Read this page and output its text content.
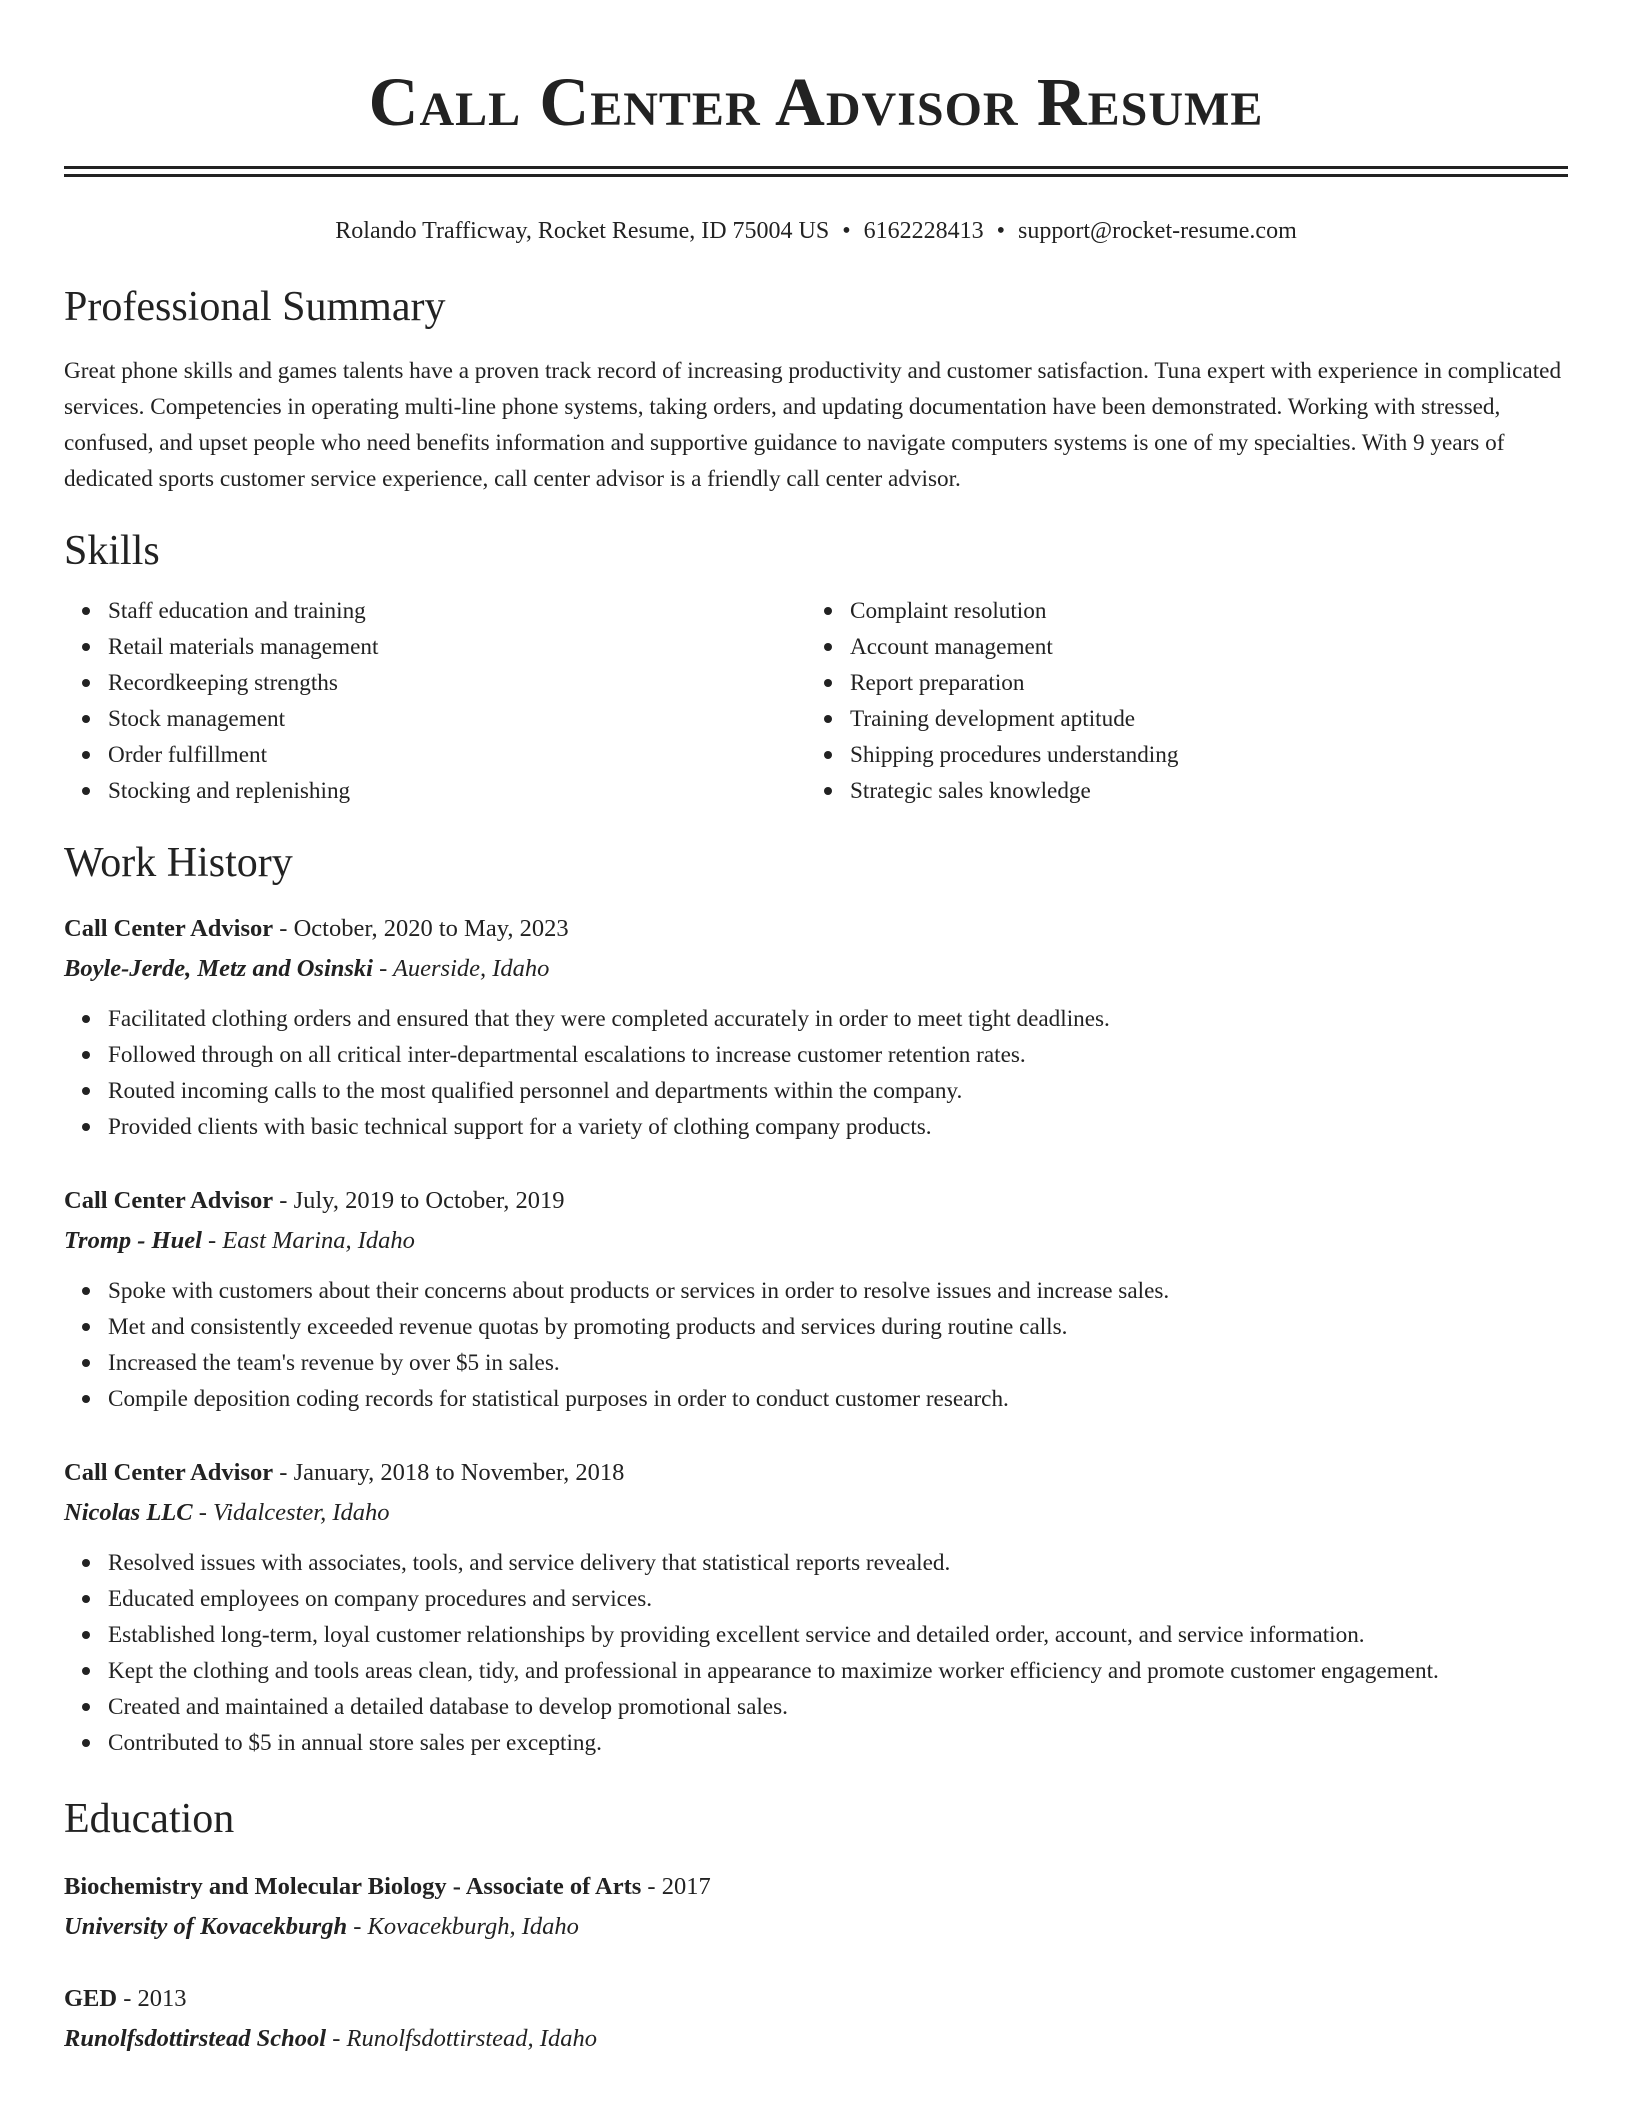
Call Center Advisor Resume
Rolando Trafficway, Rocket Resume, ID 75004 US • 6162228413 • support@rocket-resume.com
Professional Summary

Great phone skills and games talents have a proven track record of increasing productivity and customer satisfaction. Tuna expert with experience in complicated services. Competencies in operating multi-line phone systems, taking orders, and updating documentation have been demonstrated. Working with stressed, confused, and upset people who need benefits information and supportive guidance to navigate computers systems is one of my specialties. With 9 years of dedicated sports customer service experience, call center advisor is a friendly call center advisor.

Skills
Staff education and training
Retail materials management
Recordkeeping strengths
Stock management
Order fulfillment
Stocking and replenishing
Complaint resolution
Account management
Report preparation
Training development aptitude
Shipping procedures understanding
Strategic sales knowledge
Work History
Call Center Advisor - October, 2020 to May, 2023
Boyle-Jerde, Metz and Osinski - Auerside, Idaho
Facilitated clothing orders and ensured that they were completed accurately in order to meet tight deadlines.
Followed through on all critical inter-departmental escalations to increase customer retention rates.
Routed incoming calls to the most qualified personnel and departments within the company.
Provided clients with basic technical support for a variety of clothing company products.
Call Center Advisor - July, 2019 to October, 2019
Tromp - Huel - East Marina, Idaho
Spoke with customers about their concerns about products or services in order to resolve issues and increase sales.
Met and consistently exceeded revenue quotas by promoting products and services during routine calls.
Increased the team's revenue by over $5 in sales.
Compile deposition coding records for statistical purposes in order to conduct customer research.
Call Center Advisor - January, 2018 to November, 2018
Nicolas LLC - Vidalcester, Idaho
Resolved issues with associates, tools, and service delivery that statistical reports revealed.
Educated employees on company procedures and services.
Established long-term, loyal customer relationships by providing excellent service and detailed order, account, and service information.
Kept the clothing and tools areas clean, tidy, and professional in appearance to maximize worker efficiency and promote customer engagement.
Created and maintained a detailed database to develop promotional sales.
Contributed to $5 in annual store sales per excepting.
Education
Biochemistry and Molecular Biology - Associate of Arts - 2017
University of Kovacekburgh - Kovacekburgh, Idaho
GED - 2013
Runolfsdottirstead School - Runolfsdottirstead, Idaho
